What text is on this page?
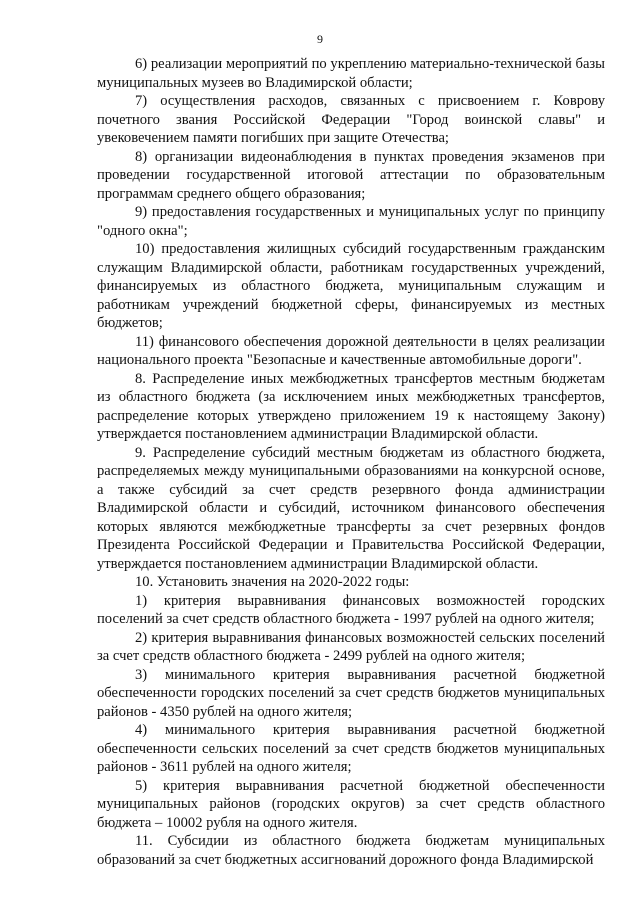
9

6) реализации мероприятий по укреплению материально-технической базы муниципальных музеев во Владимирской области;

7) осуществления расходов, связанных с присвоением г. Коврову почетного звания Российской Федерации "Город воинской славы" и увековечением памяти погибших при защите Отечества;

8) организации видеонаблюдения в пунктах проведения экзаменов при проведении государственной итоговой аттестации по образовательным программам среднего общего образования;

9) предоставления государственных и муниципальных услуг по принципу "одного окна";

10) предоставления жилищных субсидий государственным гражданским служащим Владимирской области, работникам государственных учреждений, финансируемых из областного бюджета, муниципальным служащим и работникам учреждений бюджетной сферы, финансируемых из местных бюджетов;

11) финансового обеспечения дорожной деятельности в целях реализации национального проекта "Безопасные и качественные автомобильные дороги".

8. Распределение иных межбюджетных трансфертов местным бюджетам из областного бюджета (за исключением иных межбюджетных трансфертов, распределение которых утверждено приложением 19 к настоящему Закону) утверждается постановлением администрации Владимирской области.

9. Распределение субсидий местным бюджетам из областного бюджета, распределяемых между муниципальными образованиями на конкурсной основе, а также субсидий за счет средств резервного фонда администрации Владимирской области и субсидий, источником финансового обеспечения которых являются межбюджетные трансферты за счет резервных фондов Президента Российской Федерации и Правительства Российской Федерации, утверждается постановлением администрации Владимирской области.

10. Установить значения на 2020-2022 годы:

1) критерия выравнивания финансовых возможностей городских поселений за счет средств областного бюджета - 1997 рублей на одного жителя;

2) критерия выравнивания финансовых возможностей сельских поселений за счет средств областного бюджета - 2499 рублей на одного жителя;

3) минимального критерия выравнивания расчетной бюджетной обеспеченности городских поселений за счет средств бюджетов муниципальных районов - 4350 рублей на одного жителя;

4) минимального критерия выравнивания расчетной бюджетной обеспеченности сельских поселений за счет средств бюджетов муниципальных районов - 3611 рублей на одного жителя;

5) критерия выравнивания расчетной бюджетной обеспеченности муниципальных районов (городских округов) за счет средств областного бюджета – 10002 рубля на одного жителя.

11. Субсидии из областного бюджета бюджетам муниципальных образований за счет бюджетных ассигнований дорожного фонда Владимирской
